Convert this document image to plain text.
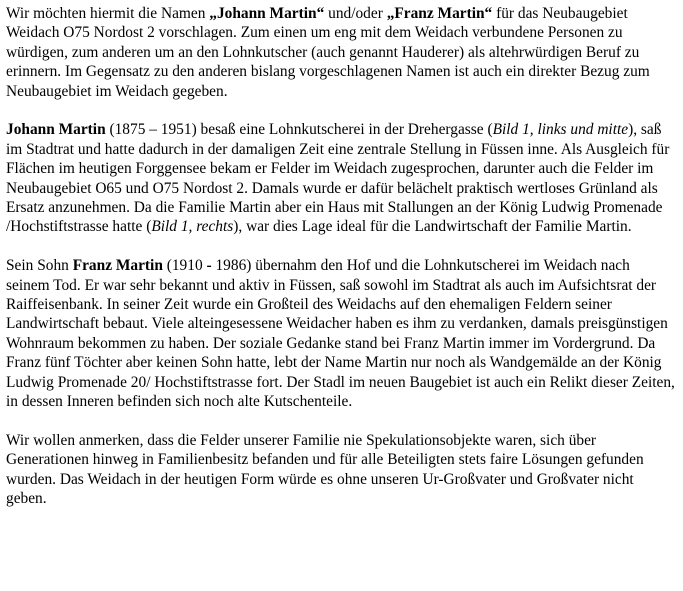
Wir möchten hiermit die Namen „Johann Martin“ und/oder „Franz Martin“ für das Neubaugebiet Weidach O75 Nordost 2 vorschlagen. Zum einen um eng mit dem Weidach verbundene Personen zu würdigen, zum anderen um an den Lohnkutscher (auch genannt Hauderer) als altehrwürdigen Beruf zu erinnern. Im Gegensatz zu den anderen bislang vorgeschlagenen Namen ist auch ein direkter Bezug zum Neubaugebiet im Weidach gegeben.

Johann Martin (1875 – 1951) besaß eine Lohnkutscherei in der Drehergasse (Bild 1, links und mitte), saß im Stadtrat und hatte dadurch in der damaligen Zeit eine zentrale Stellung in Füssen inne. Als Ausgleich für Flächen im heutigen Forggensee bekam er Felder im Weidach zugesprochen, darunter auch die Felder im Neubaugebiet O65 und O75 Nordost 2. Damals wurde er dafür belächelt praktisch wertloses Grünland als Ersatz anzunehmen. Da die Familie Martin aber ein Haus mit Stallungen an der König Ludwig Promenade /Hochstiftstrasse hatte (Bild 1, rechts), war dies Lage ideal für die Landwirtschaft der Familie Martin.

Sein Sohn Franz Martin (1910 - 1986) übernahm den Hof und die Lohnkutscherei im Weidach nach seinem Tod. Er war sehr bekannt und aktiv in Füssen, saß sowohl im Stadtrat als auch im Aufsichtsrat der Raiffeisenbank. In seiner Zeit wurde ein Großteil des Weidachs auf den ehemaligen Feldern seiner Landwirtschaft bebaut. Viele alteingesessene Weidacher haben es ihm zu verdanken, damals preisgünstigen Wohnraum bekommen zu haben. Der soziale Gedanke stand bei Franz Martin immer im Vordergrund. Da Franz fünf Töchter aber keinen Sohn hatte, lebt der Name Martin nur noch als Wandgemälde an der König Ludwig Promenade 20/ Hochstiftstrasse fort. Der Stadl im neuen Baugebiet ist auch ein Relikt dieser Zeiten, in dessen Inneren befinden sich noch alte Kutschenteile.

Wir wollen anmerken, dass die Felder unserer Familie nie Spekulationsobjekte waren, sich über Generationen hinweg in Familienbesitz befanden und für alle Beteiligten stets faire Lösungen gefunden wurden. Das Weidach in der heutigen Form würde es ohne unseren Ur-Großvater und Großvater nicht geben.
